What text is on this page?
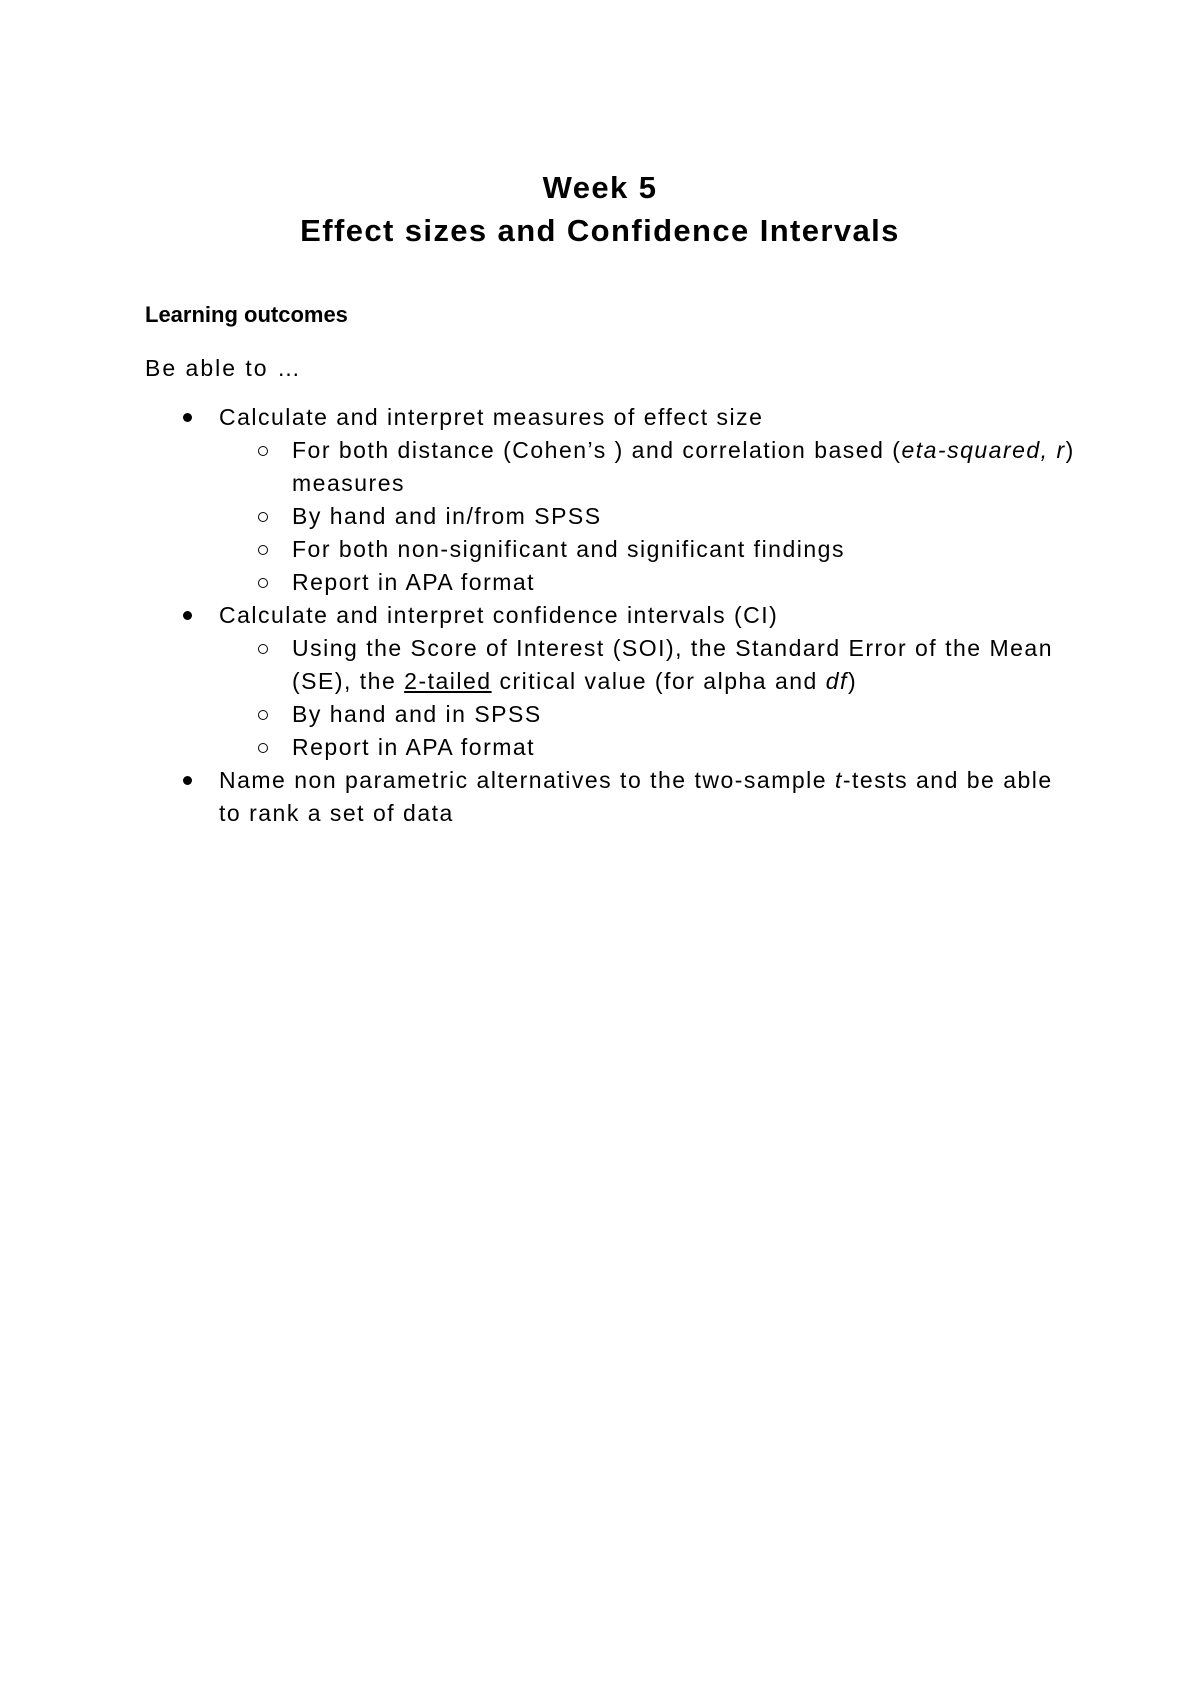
Week 5
Effect sizes and Confidence Intervals
Learning outcomes

Be able to …

Calculate and interpret measures of effect size
For both distance (Cohen’s ) and correlation based (eta-squared, r) measures
By hand and in/from SPSS
For both non-significant and significant findings
Report in APA format
Calculate and interpret confidence intervals (CI)
Using the Score of Interest (SOI), the Standard Error of the Mean (SE), the 2-tailed critical value (for alpha and df)
By hand and in SPSS
Report in APA format
Name non parametric alternatives to the two-sample t-tests and be able to rank a set of data
